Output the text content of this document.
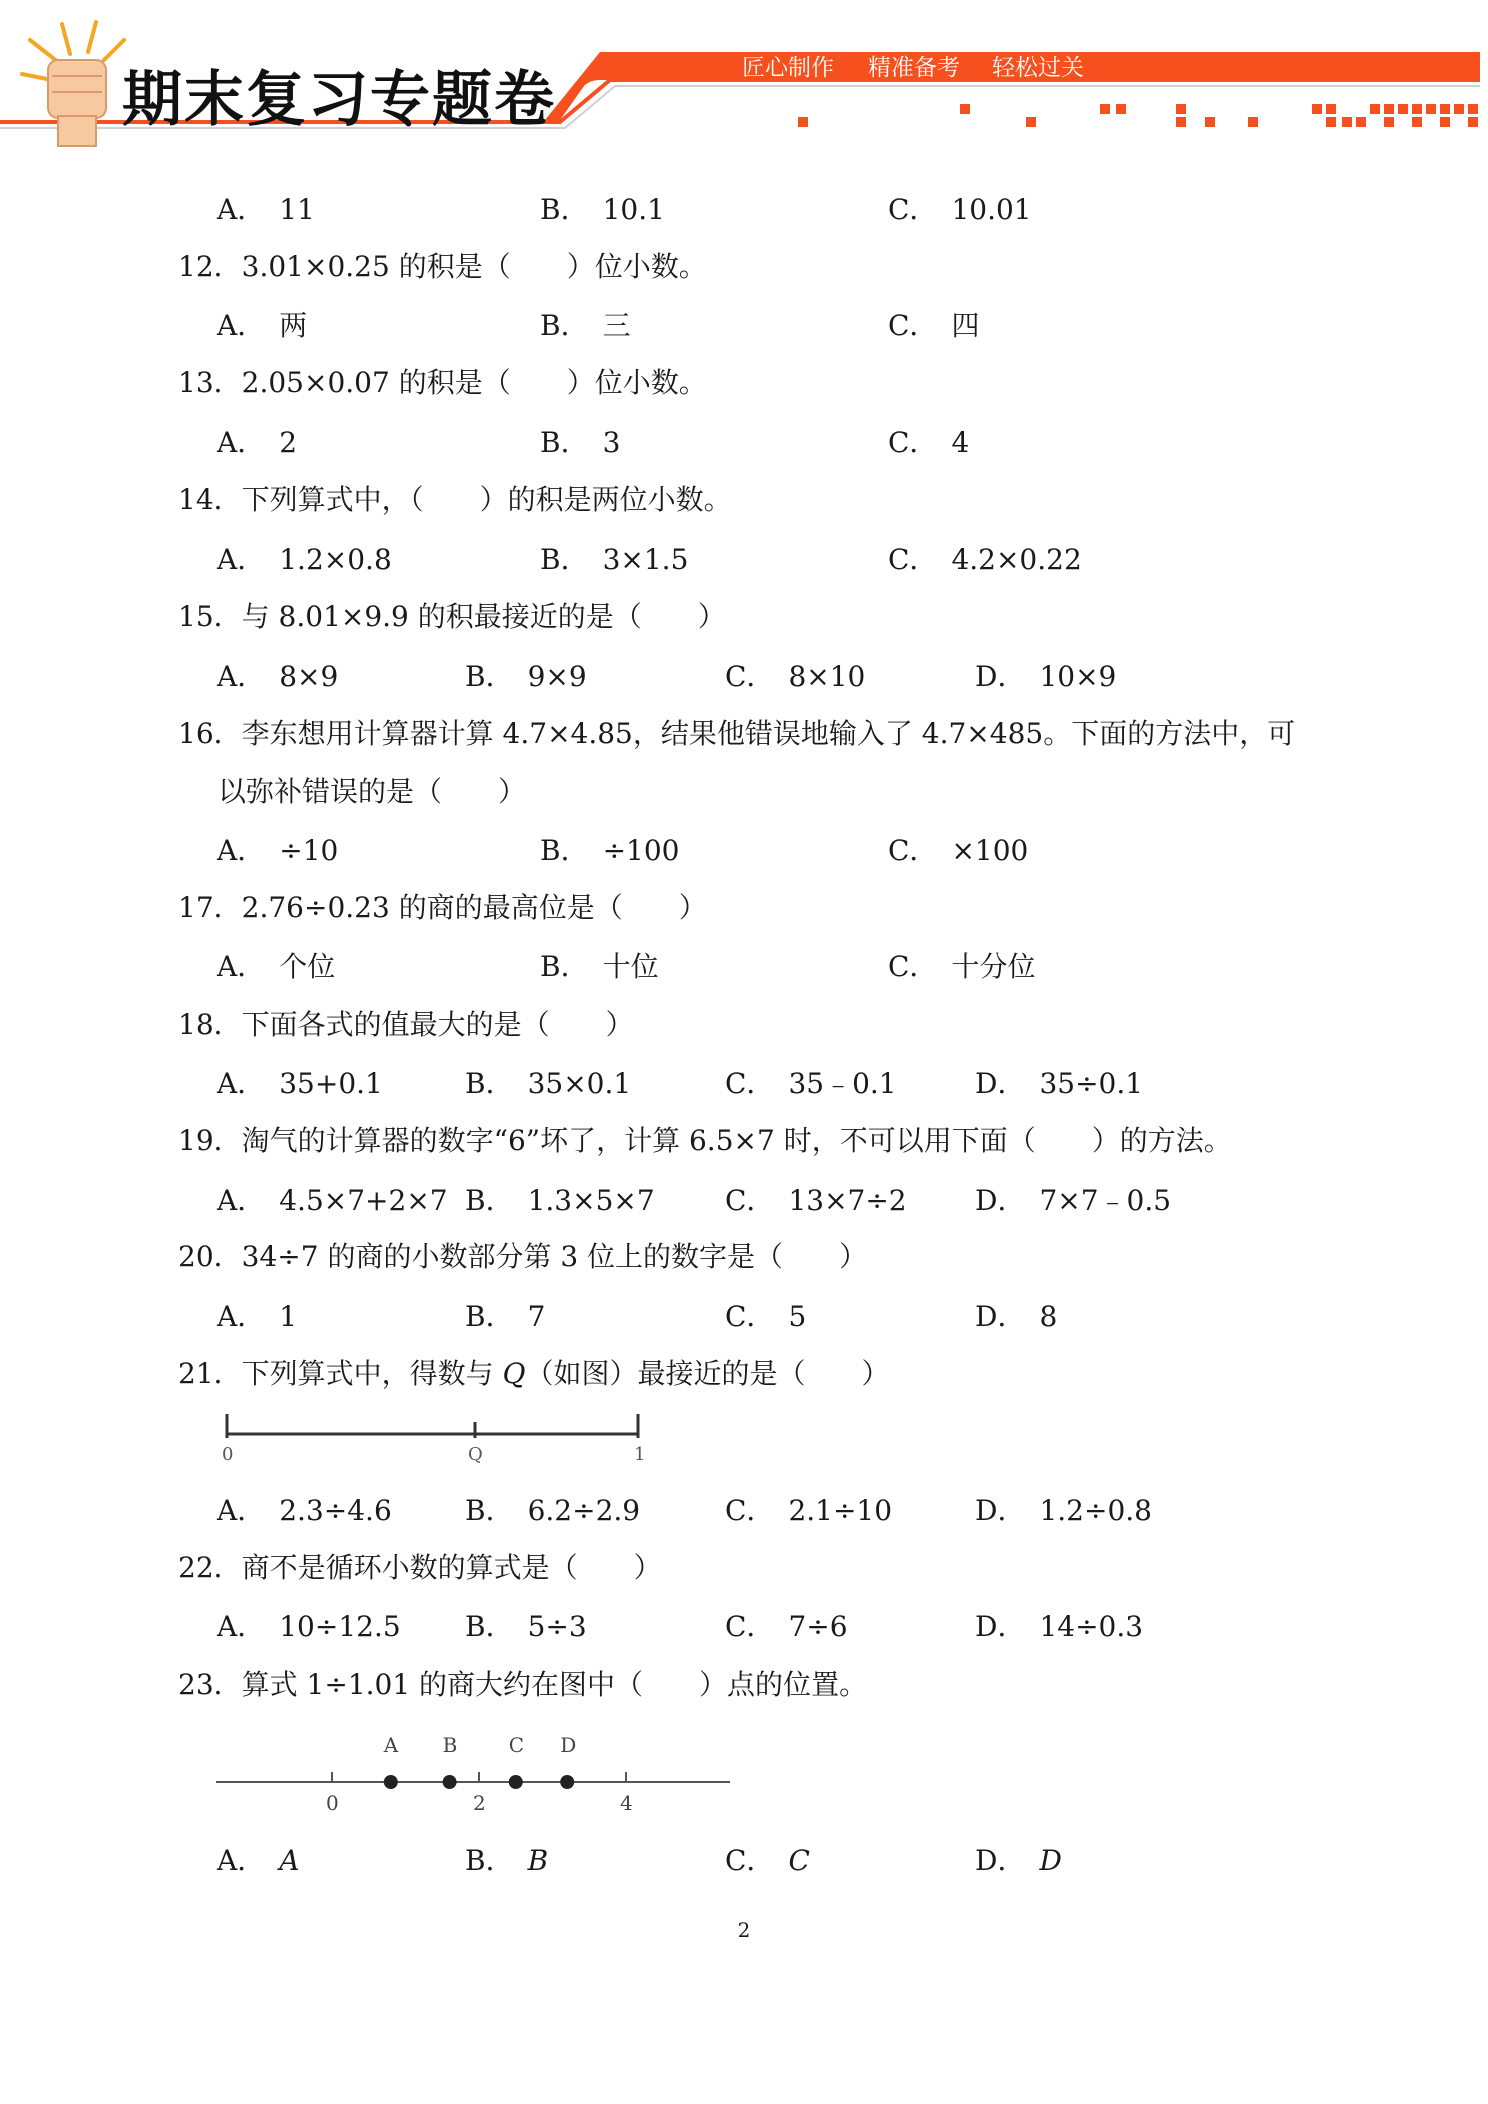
期末复习专题卷	匠心制作 精准备考 轻松过关
A． 11	B． 10.1	C． 10.01
12．3.01×0.25 的积是（　　）位小数。
A． 两	B． 三	C． 四
13．2.05×0.07 的积是（　　）位小数。
A． 2	B． 3	C． 4
14．下列算式中，（　　）的积是两位小数。
A． 1.2×0.8	B． 3×1.5	C． 4.2×0.22
15．与 8.01×9.9 的积最接近的是（　　）
A． 8×9	B． 9×9	C． 8×10	D． 10×9
16．李东想用计算器计算 4.7×4.85，结果他错误地输入了 4.7×485。下面的方法中，可
以弥补错误的是（　　）
A． ÷10	B． ÷100	C． ×100
17．2.76÷0.23 的商的最高位是（　　）
A． 个位	B． 十位	C． 十分位
18．下面各式的值最大的是（　　）
A． 35+0.1	B． 35×0.1	C． 35﹣0.1	D． 35÷0.1
19．淘气的计算器的数字“6”坏了，计算 6.5×7 时，不可以用下面（　　）的方法。
A． 4.5×7+2×7 B． 1.3×5×7	C． 13×7÷2 D． 7×7﹣0.5
20．34÷7 的商的小数部分第 3 位上的数字是（　　）
A． 1	B． 7	C． 5	D． 8
21．下列算式中，得数与 Q（如图）最接近的是（　　）
0	Q	1
A． 2.3÷4.6	B． 6.2÷2.9	C． 2.1÷10	D． 1.2÷0.8
22．商不是循环小数的算式是（　　）
A． 10÷12.5 B． 5÷3	C． 7÷6	D． 14÷0.3
23．算式 1÷1.01 的商大约在图中（　　）点的位置。
0	2	4
A B	C D
A． A	B． B	C． C	D． D
2
